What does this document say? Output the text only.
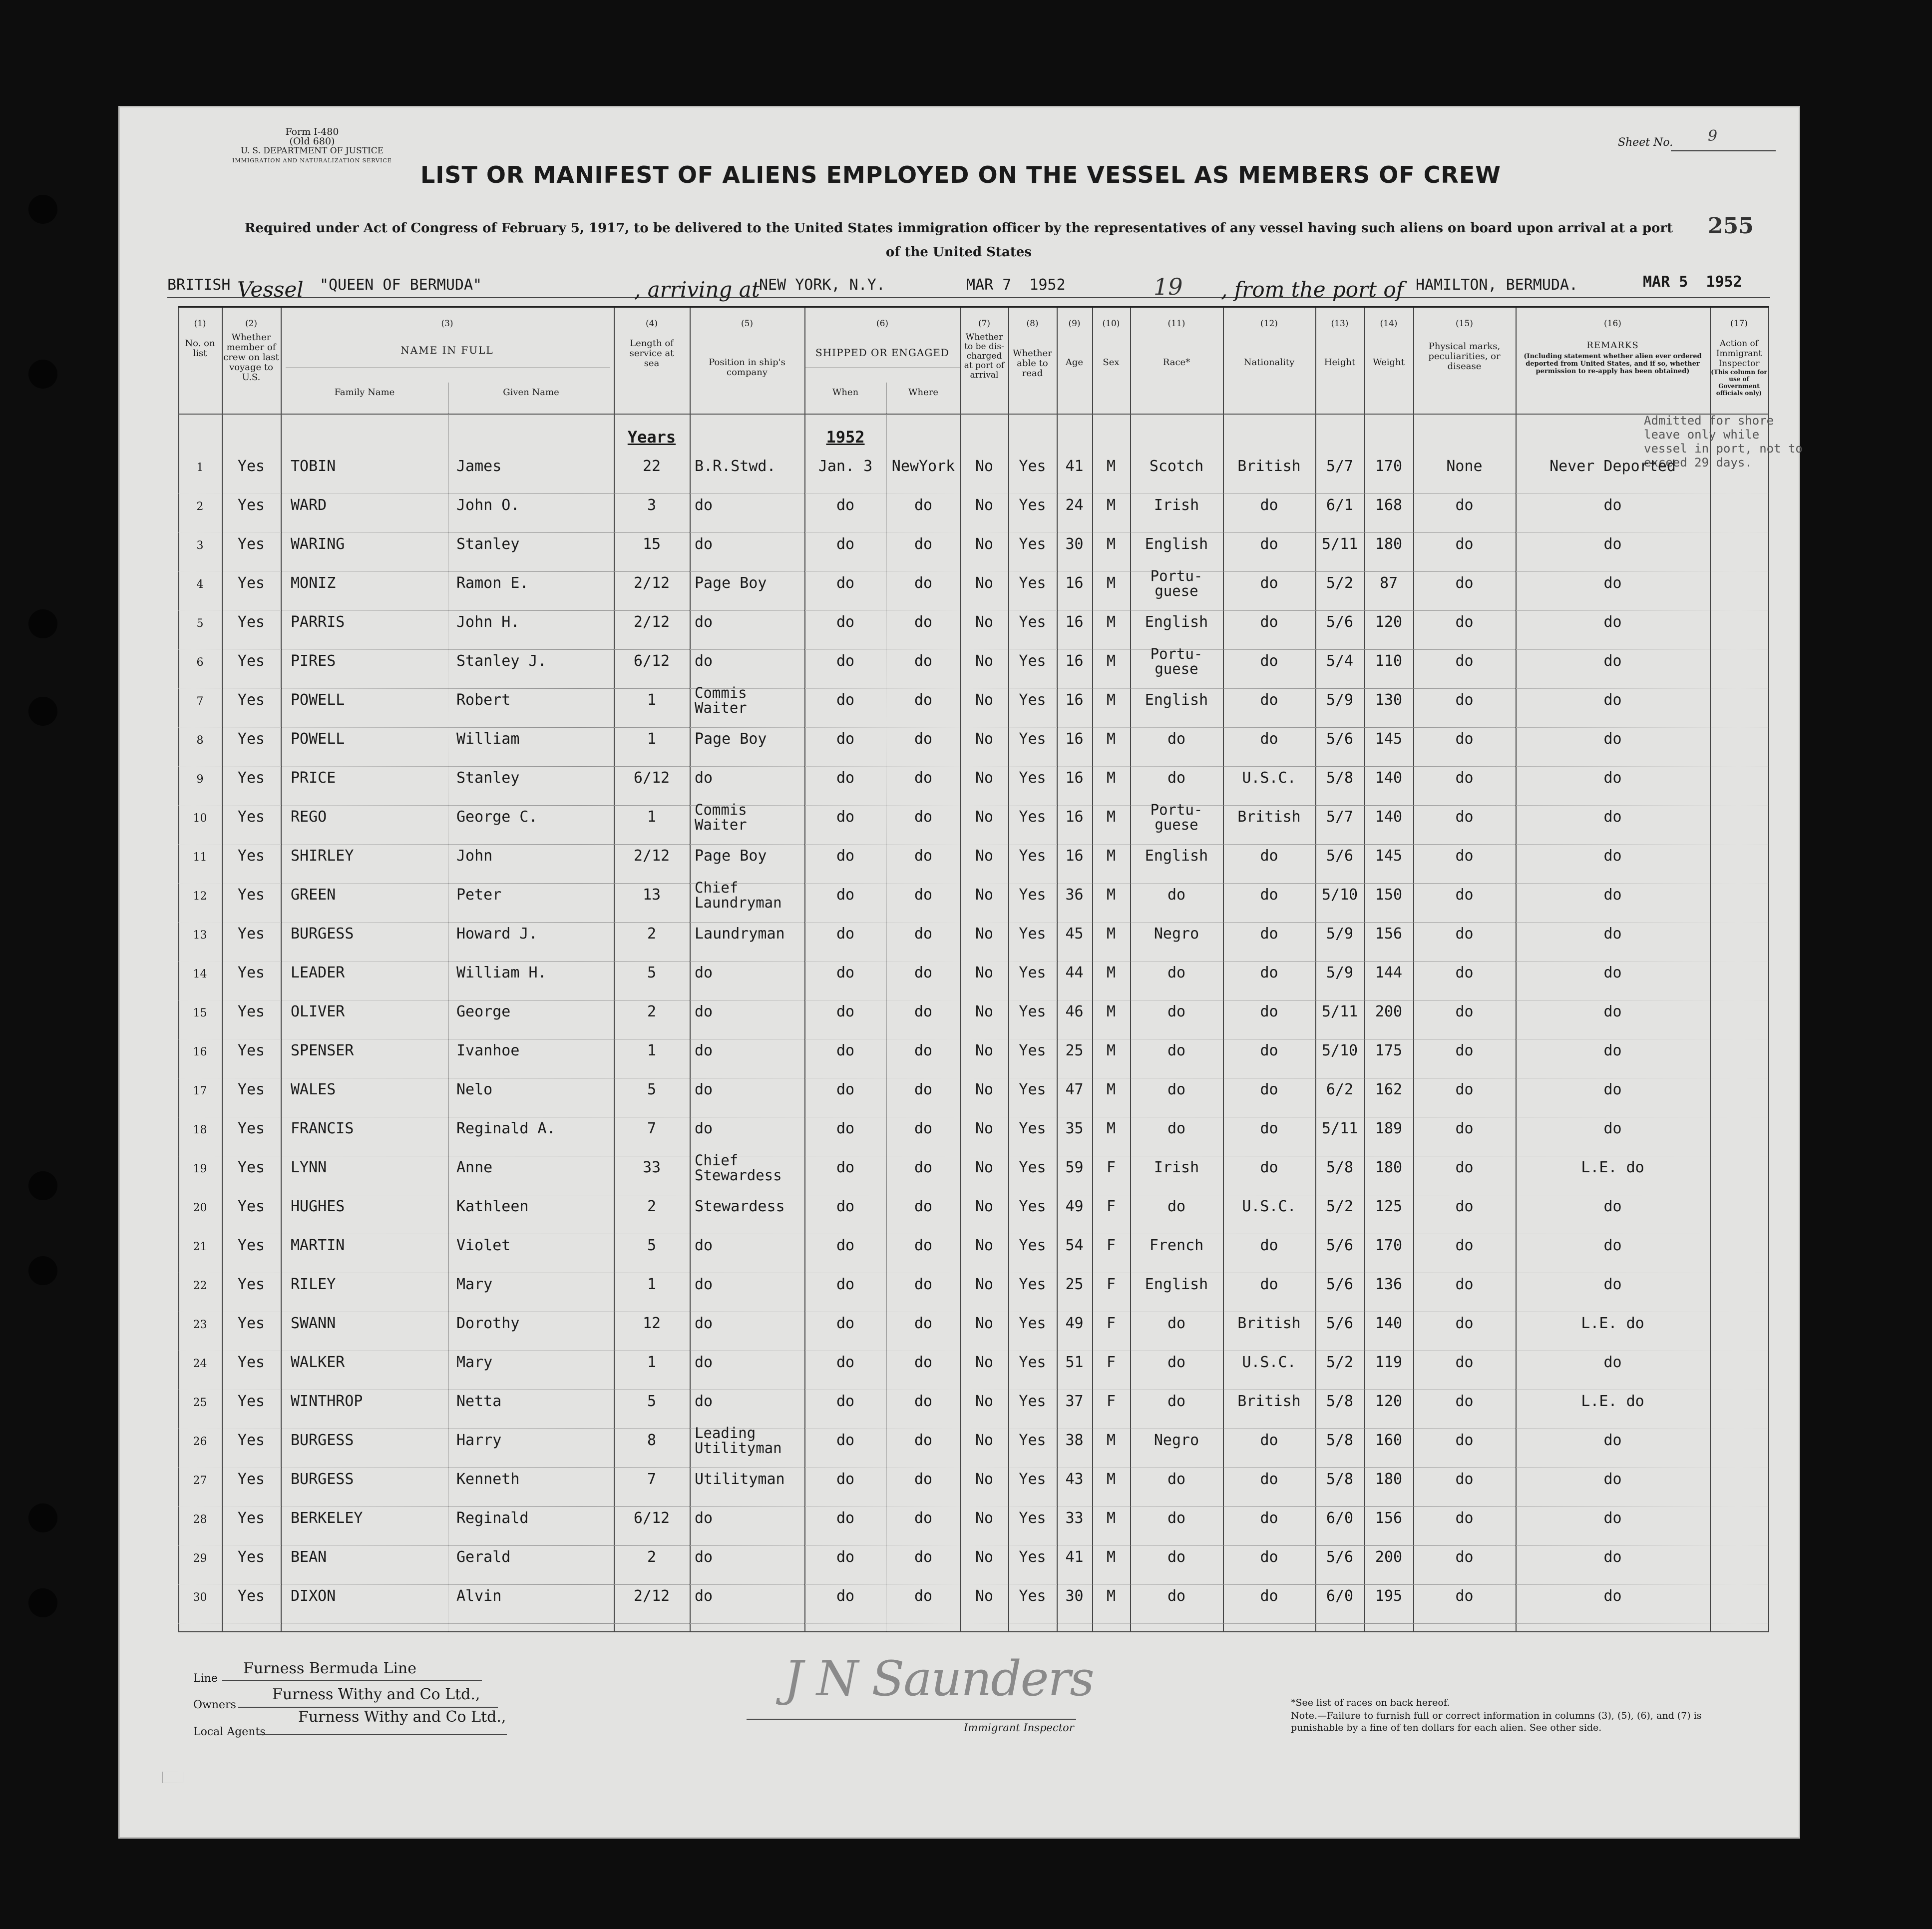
Form I-480
(Old 680)
U. S. DEPARTMENT OF JUSTICE
IMMIGRATION AND NATURALIZATION SERVICE
Sheet No. 9
255
LIST OR MANIFEST OF ALIENS EMPLOYED ON THE VESSEL AS MEMBERS OF CREW
Required under Act of Congress of February 5, 1917, to be delivered to the United States immigration officer by the representatives of any vessel having such aliens on board upon arrival at a port of the United States
BRITISH Vessel "QUEEN OF BERMUDA"	, arriving at
NEW YORK, N.Y.	MAR 7  1952	19 , from the port of HAMILTON, BERMUDA.	MAR 5  1952
(1)
No. on list
(2)
Whether member of crew on last voyage to U.S.
(3)
NAME IN FULL
Family Name	Given Name
(4)
Length of service at sea
(5)
Position in ship's company
(6)
SHIPPED OR ENGAGED
When	Where
(7)
Whether to be dis-charged at port of arrival
(8)
Whether able to read
(9)
Age
(10)
Sex
(11)
Race*
(12)
Nationality
(13)
Height
(14)
Weight
(15)
Physical marks, peculiarities, or disease
(16)
REMARKS
(Including statement whether alien ever ordered deported from United States, and if so, whether permission to re-apply has been obtained)
(17)
Action of Immigrant Inspector
(This column for use of Government officials only)
Years	1952
Admitted for shore leave only while vessel in port, not to exceed 29 days.
1	Yes	TOBIN	James	22	B.R.Stwd.	Jan. 3	NewYork	No	Yes	41	M	Scotch	British	5/7	170	None	Never Deported
2	Yes	WARD	John O.	3	do	do	do	No	Yes	24	M	Irish	do	6/1	168	do	do
3	Yes	WARING	Stanley	15	do	do	do	No	Yes	30	M	English	do	5/11	180	do	do
4	Yes	MONIZ	Ramon E.	2/12	Page Boy	do	do	No	Yes	16	M	Portu-
guese	do	5/2	87	do	do
5	Yes	PARRIS	John H.	2/12	do	do	do	No	Yes	16	M	English	do	5/6	120	do	do
6	Yes	PIRES	Stanley J.	6/12	do	do	do	No	Yes	16	M	Portu-
guese	do	5/4	110	do	do
7	Yes	POWELL	Robert	1	Commis
Waiter	do	do	No	Yes	16	M	English	do	5/9	130	do	do
8	Yes	POWELL	William	1	Page Boy	do	do	No	Yes	16	M	do	do	5/6	145	do	do
9	Yes	PRICE	Stanley	6/12	do	do	do	No	Yes	16	M	do	U.S.C.	5/8	140	do	do
10	Yes	REGO	George C.	1	Commis
Waiter	do	do	No	Yes	16	M	Portu-
guese	British	5/7	140	do	do
11	Yes	SHIRLEY	John	2/12	Page Boy	do	do	No	Yes	16	M	English	do	5/6	145	do	do
12	Yes	GREEN	Peter	13	Chief
Laundryman	do	do	No	Yes	36	M	do	do	5/10	150	do	do
13	Yes	BURGESS	Howard J.	2	Laundryman	do	do	No	Yes	45	M	Negro	do	5/9	156	do	do
14	Yes	LEADER	William H.	5	do	do	do	No	Yes	44	M	do	do	5/9	144	do	do
15	Yes	OLIVER	George	2	do	do	do	No	Yes	46	M	do	do	5/11	200	do	do
16	Yes	SPENSER	Ivanhoe	1	do	do	do	No	Yes	25	M	do	do	5/10	175	do	do
17	Yes	WALES	Nelo	5	do	do	do	No	Yes	47	M	do	do	6/2	162	do	do
18	Yes	FRANCIS	Reginald A.	7	do	do	do	No	Yes	35	M	do	do	5/11	189	do	do
19	Yes	LYNN	Anne	33	Chief
Stewardess	do	do	No	Yes	59	F	Irish	do	5/8	180	do	L.E. do
20	Yes	HUGHES	Kathleen	2	Stewardess	do	do	No	Yes	49	F	do	U.S.C.	5/2	125	do	do
21	Yes	MARTIN	Violet	5	do	do	do	No	Yes	54	F	French	do	5/6	170	do	do
22	Yes	RILEY	Mary	1	do	do	do	No	Yes	25	F	English	do	5/6	136	do	do
23	Yes	SWANN	Dorothy	12	do	do	do	No	Yes	49	F	do	British	5/6	140	do	L.E. do
24	Yes	WALKER	Mary	1	do	do	do	No	Yes	51	F	do	U.S.C.	5/2	119	do	do
25	Yes	WINTHROP	Netta	5	do	do	do	No	Yes	37	F	do	British	5/8	120	do	L.E. do
26	Yes	BURGESS	Harry	8	Leading
Utilityman	do	do	No	Yes	38	M	Negro	do	5/8	160	do	do
27	Yes	BURGESS	Kenneth	7	Utilityman	do	do	No	Yes	43	M	do	do	5/8	180	do	do
28	Yes	BERKELEY	Reginald	6/12	do	do	do	No	Yes	33	M	do	do	6/0	156	do	do
29	Yes	BEAN	Gerald	2	do	do	do	No	Yes	41	M	do	do	5/6	200	do	do
30	Yes	DIXON	Alvin	2/12	do	do	do	No	Yes	30	M	do	do	6/0	195	do	do
Line
Furness Bermuda Line
Owners
Furness Withy and Co Ltd.,
Local Agents
Furness Withy and Co Ltd.,
J N Saunders
Immigrant Inspector
*See list of races on back hereof.
Note.—Failure to furnish full or correct information in columns (3), (5), (6), and (7) is punishable by a fine of ten dollars for each alien. See other side.
